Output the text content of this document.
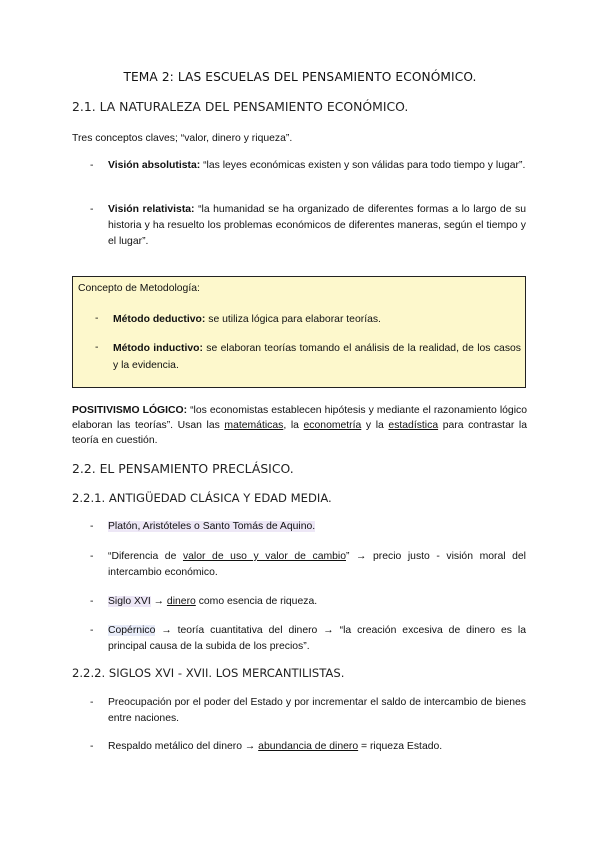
TEMA 2: LAS ESCUELAS DEL PENSAMIENTO ECONÓMICO.
2.1. LA NATURALEZA DEL PENSAMIENTO ECONÓMICO.
Tres conceptos claves; “valor, dinero y riqueza”.
- Visión absolutista: “las leyes económicas existen y son válidas para todo tiempo y lugar”.
- Visión relativista: “la humanidad se ha organizado de diferentes formas a lo largo de su historia y ha resuelto los problemas económicos de diferentes maneras, según el tiempo y el lugar”.
Concepto de Metodología:
- Método deductivo: se utiliza lógica para elaborar teorías.
- Método inductivo: se elaboran teorías tomando el análisis de la realidad, de los casos y la evidencia.
POSITIVISMO LÓGICO: “los economistas establecen hipótesis y mediante el razonamiento lógico elaboran las teorías”. Usan las matemáticas, la econometría y la estadística para contrastar la teoría en cuestión.
2.2. EL PENSAMIENTO PRECLÁSICO.
2.2.1. ANTIGÜEDAD CLÁSICA Y EDAD MEDIA.
- Platón, Aristóteles o Santo Tomás de Aquino.
- “Diferencia de valor de uso y valor de cambio” → precio justo - visión moral del intercambio económico.
- Siglo XVI → dinero como esencia de riqueza.
- Copérnico → teoría cuantitativa del dinero → “la creación excesiva de dinero es la principal causa de la subida de los precios”.
2.2.2. SIGLOS XVI - XVII. LOS MERCANTILISTAS.
- Preocupación por el poder del Estado y por incrementar el saldo de intercambio de bienes entre naciones.
- Respaldo metálico del dinero → abundancia de dinero = riqueza Estado.
